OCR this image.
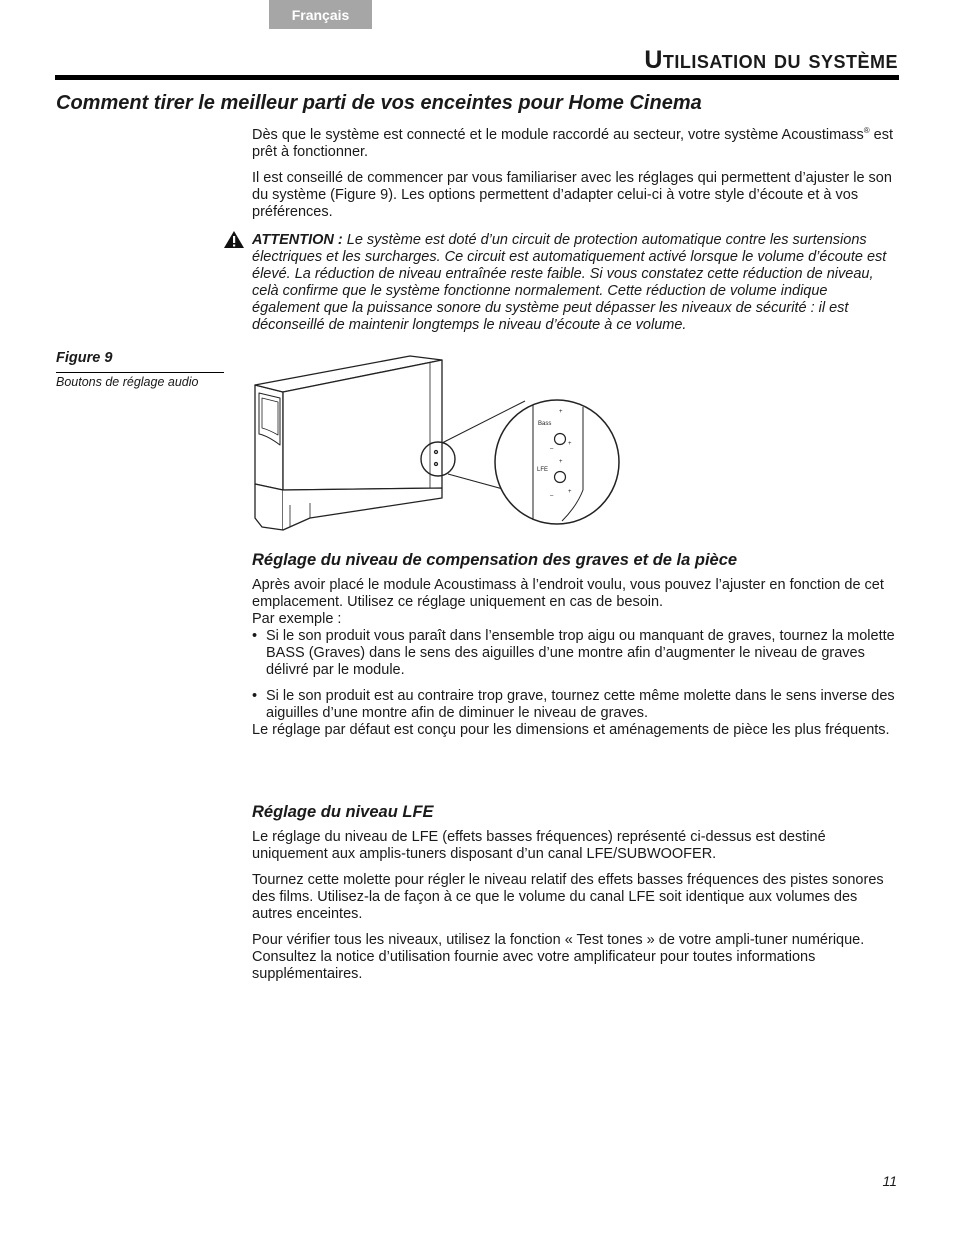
Français
Utilisation du système
Comment tirer le meilleur parti de vos enceintes pour Home Cinema

Dès que le système est connecté et le module raccordé au secteur, votre système Acoustimass® est prêt à fonctionner.

Il est conseillé de commencer par vous familiariser avec les réglages qui permettent d’ajuster le son du système (Figure 9). Les options permettent d’adapter celui-ci à votre style d’écoute et à vos préférences.

ATTENTION : Le système est doté d’un circuit de protection automatique contre les surtensions électriques et les surcharges. Ce circuit est automatiquement activé lorsque le volume d’écoute est élevé. La réduction de niveau entraînée reste faible. Si vous constatez cette réduction de niveau, celà confirme que le système fonctionne normalement. Cette réduction de volume indique également que la puissance sonore du système peut dépasser les niveaux de sécurité : il est déconseillé de maintenir longtemps le niveau d’écoute à ce volume.

Figure 9
Boutons de réglage audio
Bass
LFE
–
+
–
+
+
+
Réglage du niveau de compensation des graves et de la pièce

Après avoir placé le module Acoustimass à l’endroit voulu, vous pouvez l’ajuster en fonction de cet emplacement. Utilisez ce réglage uniquement en cas de besoin.

Par exemple :

• Si le son produit vous paraît dans l’ensemble trop aigu ou manquant de graves, tournez la molette BASS (Graves) dans le sens des aiguilles d’une montre afin d’augmenter le niveau de graves délivré par le module.
• Si le son produit est au contraire trop grave, tournez cette même molette dans le sens inverse des aiguilles d’une montre afin de diminuer le niveau de graves.

Le réglage par défaut est conçu pour les dimensions et aménagements de pièce les plus fréquents.

Réglage du niveau LFE

Le réglage du niveau de LFE (effets basses fréquences) représenté ci-dessus est destiné uniquement aux amplis-tuners disposant d’un canal LFE/SUBWOOFER.

Tournez cette molette pour régler le niveau relatif des effets basses fréquences des pistes sonores des films. Utilisez-la de façon à ce que le volume du canal LFE soit identique aux volumes des autres enceintes.

Pour vérifier tous les niveaux, utilisez la fonction « Test tones » de votre ampli-tuner numérique. Consultez la notice d’utilisation fournie avec votre amplificateur pour toutes informations supplémentaires.

11
